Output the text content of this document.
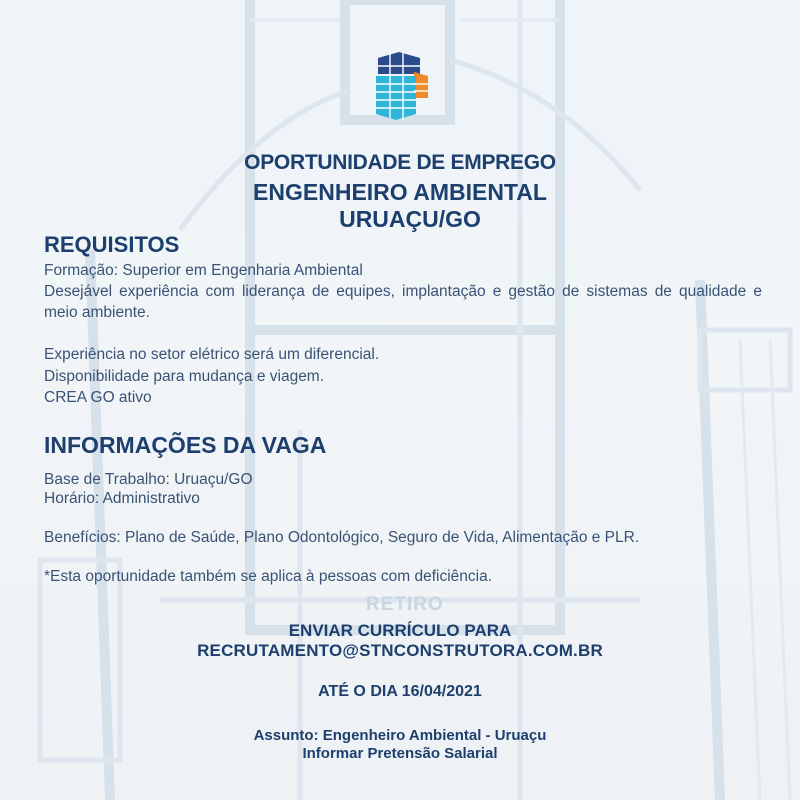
RETIRO
OPORTUNIDADE DE EMPREGO
ENGENHEIRO AMBIENTAL
URUAÇU/GO
REQUISITOS
Formação: Superior em Engenharia Ambiental
Desejável experiência com liderança de equipes, implantação e gestão de sistemas de qualidade e meio ambiente.
Experiência no setor elétrico será um diferencial.
Disponibilidade para mudança e viagem.
CREA GO ativo
INFORMAÇÕES DA VAGA
Base de Trabalho: Uruaçu/GO
Horário: Administrativo
Benefícios: Plano de Saúde, Plano Odontológico, Seguro de Vida, Alimentação e PLR.
*Esta oportunidade também se aplica à pessoas com deficiência.
ENVIAR CURRÍCULO PARA
RECRUTAMENTO@STNCONSTRUTORA.COM.BR
ATÉ O DIA 16/04/2021
Assunto: Engenheiro Ambiental - Uruaçu
Informar Pretensão Salarial
